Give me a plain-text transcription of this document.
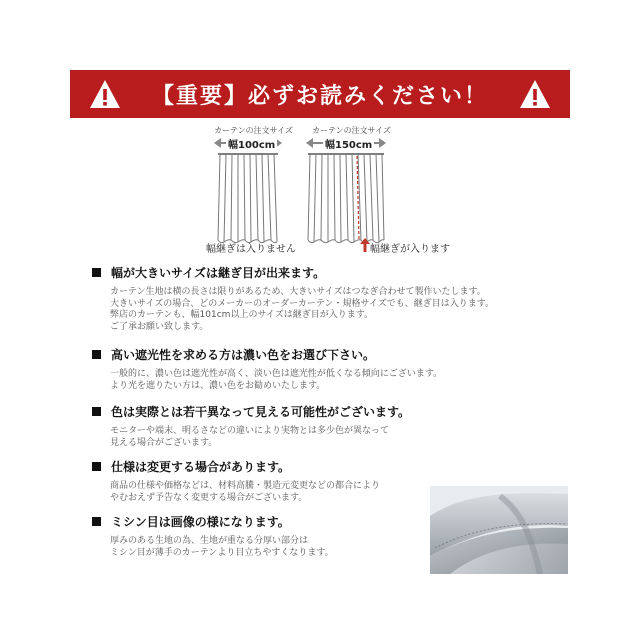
【重要】必ずお読みください！
カーテンの注文サイズ
幅100cm
幅継ぎは入りません
カーテンの注文サイズ
幅150cm
幅継ぎが入ります
幅が大きいサイズは継ぎ目が出来ます。
カーテン生地は横の長さは限りがあるため、大きいサイズはつなぎ合わせて製作いたします。
大きいサイズの場合、どのメーカーのオーダーカーテン・規格サイズでも、継ぎ目は入ります。
弊店のカーテンも、幅101cm以上のサイズは継ぎ目が入ります。
ご了承お願い致します。
高い遮光性を求める方は濃い色をお選び下さい。
一般的に、濃い色は遮光性が高く、淡い色は遮光性が低くなる傾向にございます。
より光を遮りたい方は、濃い色をお勧めいたします。
色は実際とは若干異なって見える可能性がございます。
モニターや端末、明るさなどの違いにより実物とは多少色が異なって
見える場合がございます。
仕様は変更する場合があります。
商品の仕様や価格などは、材料高騰・製造元変更などの都合により
やむおえず予告なく変更する場合がございます。
ミシン目は画像の様になります。
厚みのある生地の為、生地が重なる分厚い部分は
ミシン目が薄手のカーテンより目立ちやすくなります。
